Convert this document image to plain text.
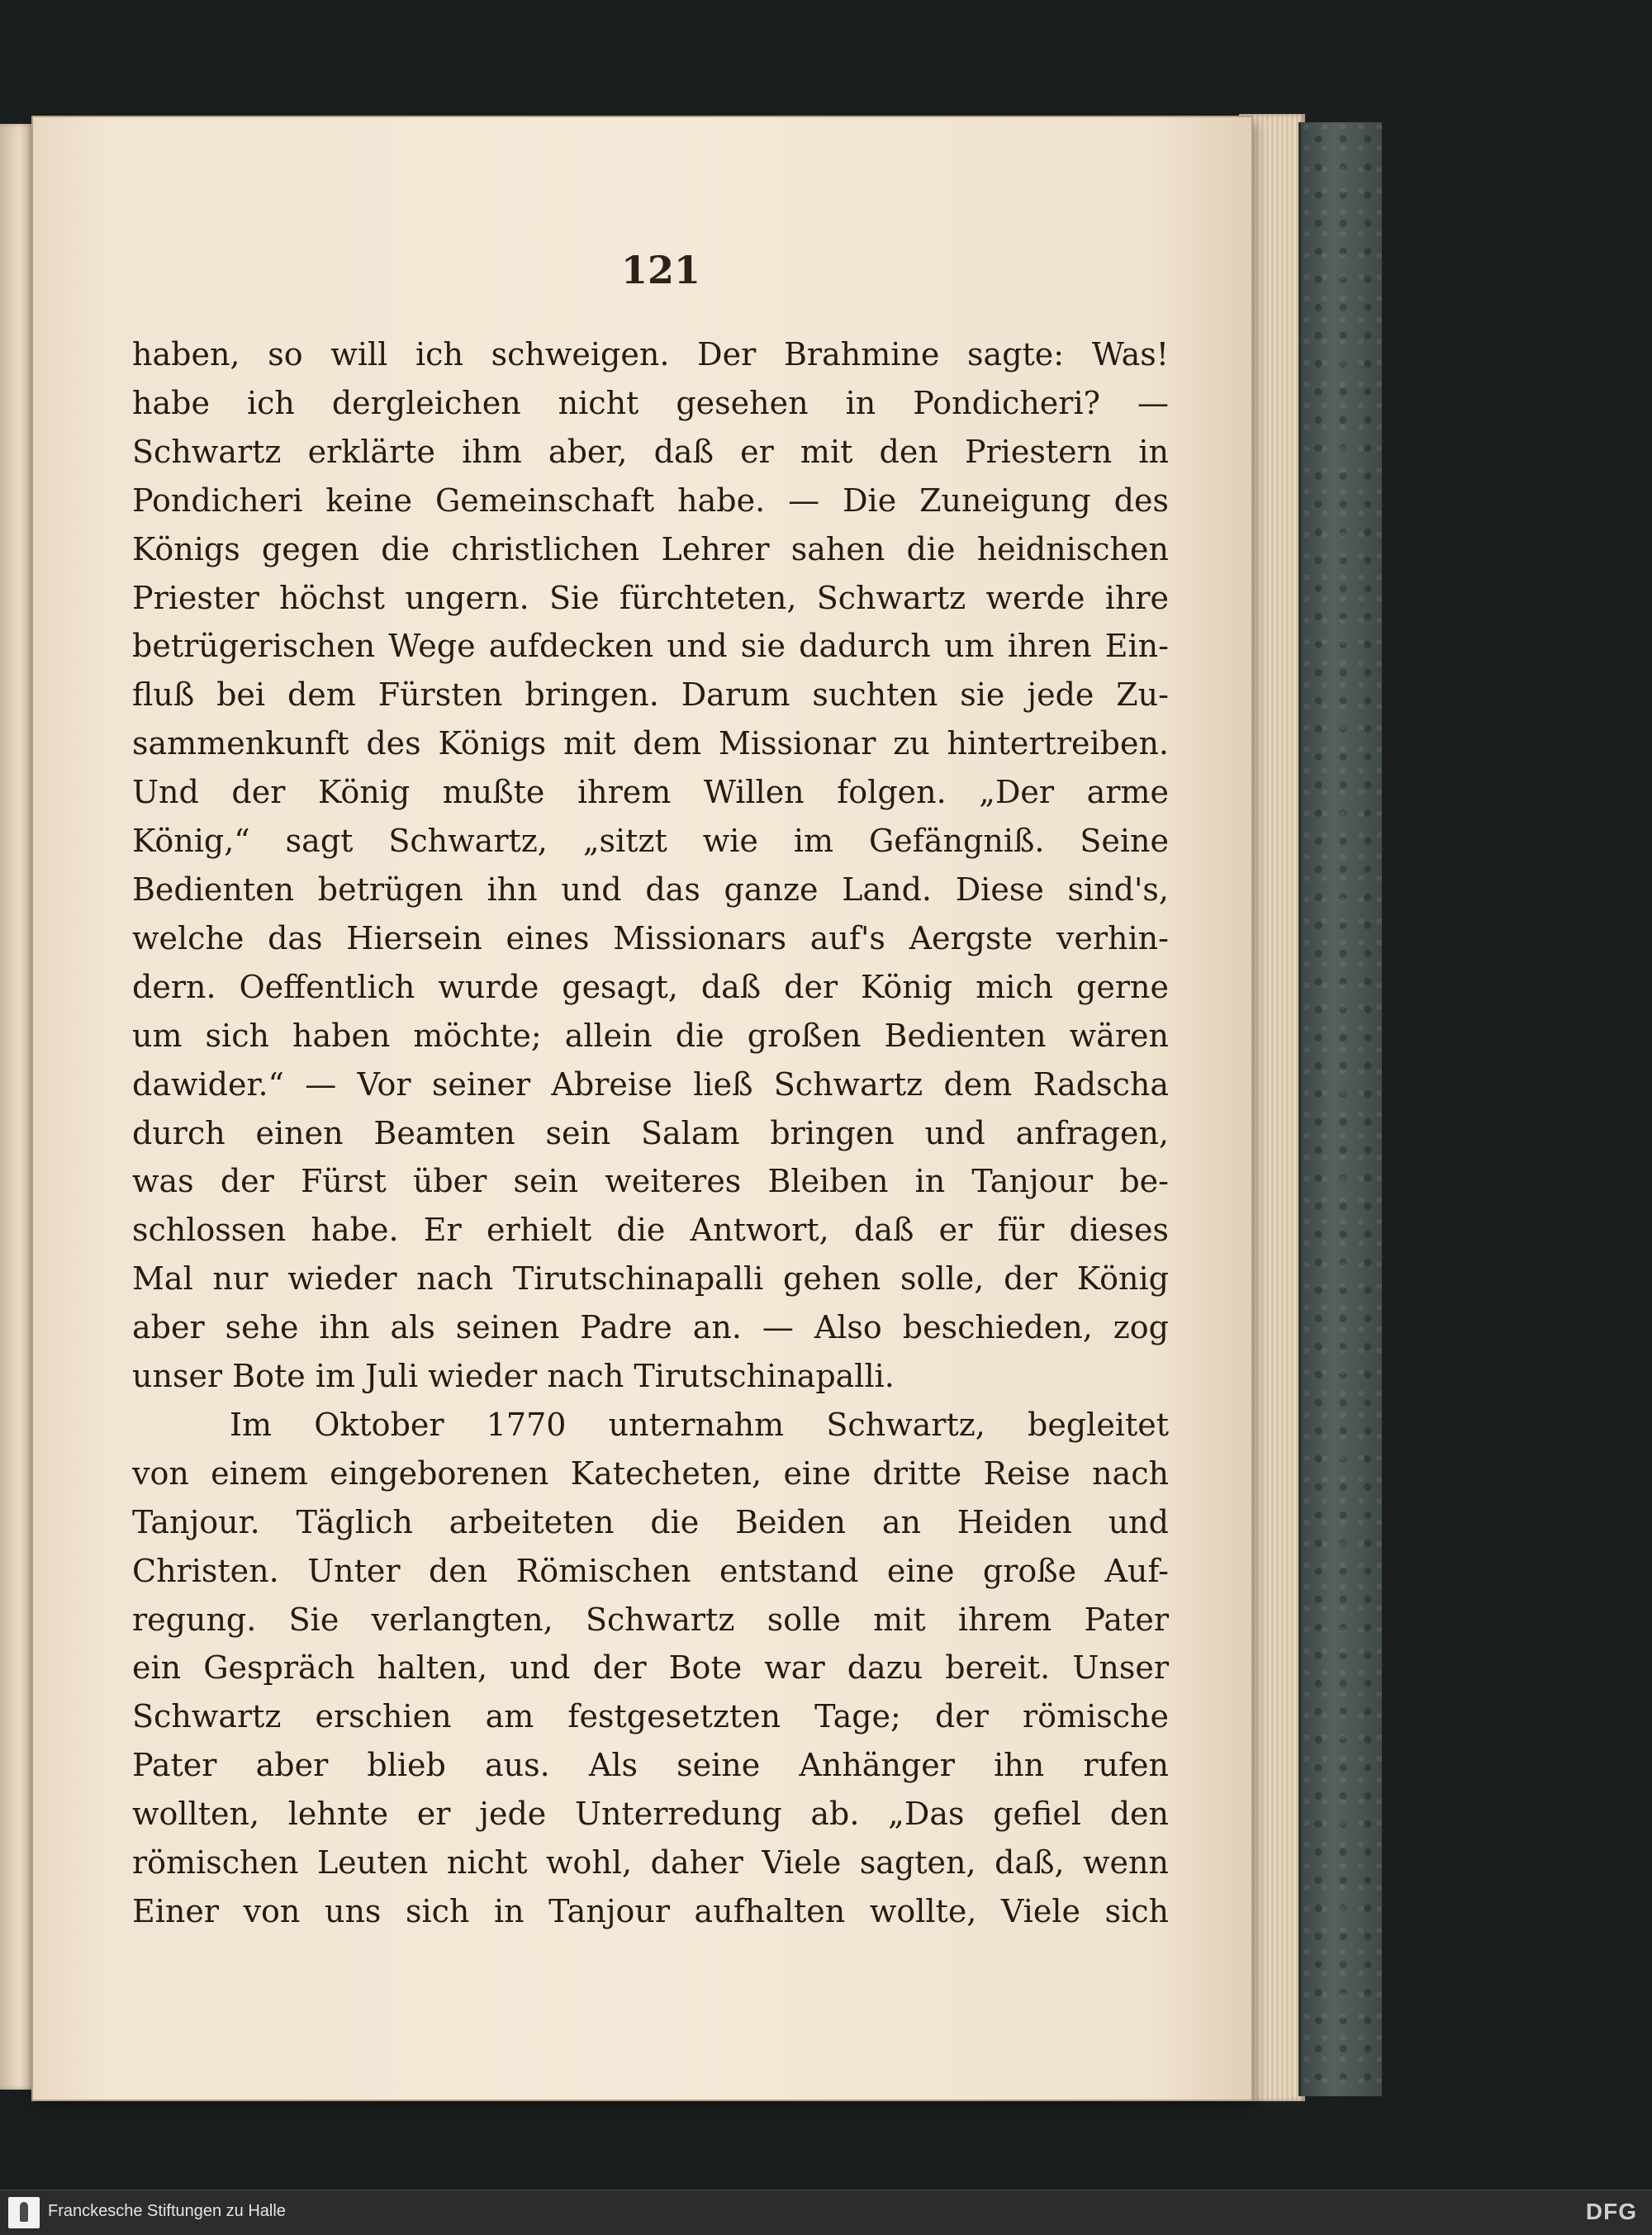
121
haben, so will ich schweigen. Der Brahmine sagte: Was!
habe ich dergleichen nicht gesehen in Pondicheri? —
Schwartz erklärte ihm aber, daß er mit den Priestern in
Pondicheri keine Gemeinschaft habe. — Die Zuneigung des
Königs gegen die christlichen Lehrer sahen die heidnischen
Priester höchst ungern. Sie fürchteten, Schwartz werde ihre
betrügerischen Wege aufdecken und sie dadurch um ihren Ein-
fluß bei dem Fürsten bringen. Darum suchten sie jede Zu-
sammenkunft des Königs mit dem Missionar zu hintertreiben.
Und der König mußte ihrem Willen folgen. „Der arme
König,“ sagt Schwartz, „sitzt wie im Gefängniß. Seine
Bedienten betrügen ihn und das ganze Land. Diese sind's,
welche das Hiersein eines Missionars auf's Aergste verhin-
dern. Oeffentlich wurde gesagt, daß der König mich gerne
um sich haben möchte; allein die großen Bedienten wären
dawider.“ — Vor seiner Abreise ließ Schwartz dem Radscha
durch einen Beamten sein Salam bringen und anfragen,
was der Fürst über sein weiteres Bleiben in Tanjour be-
schlossen habe. Er erhielt die Antwort, daß er für dieses
Mal nur wieder nach Tirutschinapalli gehen solle, der König
aber sehe ihn als seinen Padre an. — Also beschieden, zog
unser Bote im Juli wieder nach Tirutschinapalli.
Im Oktober 1770 unternahm Schwartz, begleitet
von einem eingeborenen Katecheten, eine dritte Reise nach
Tanjour. Täglich arbeiteten die Beiden an Heiden und
Christen. Unter den Römischen entstand eine große Auf-
regung. Sie verlangten, Schwartz solle mit ihrem Pater
ein Gespräch halten, und der Bote war dazu bereit. Unser
Schwartz erschien am festgesetzten Tage; der römische
Pater aber blieb aus. Als seine Anhänger ihn rufen
wollten, lehnte er jede Unterredung ab. „Das gefiel den
römischen Leuten nicht wohl, daher Viele sagten, daß, wenn
Einer von uns sich in Tanjour aufhalten wollte, Viele sich
Franckesche Stiftungen zu Halle	DFG
